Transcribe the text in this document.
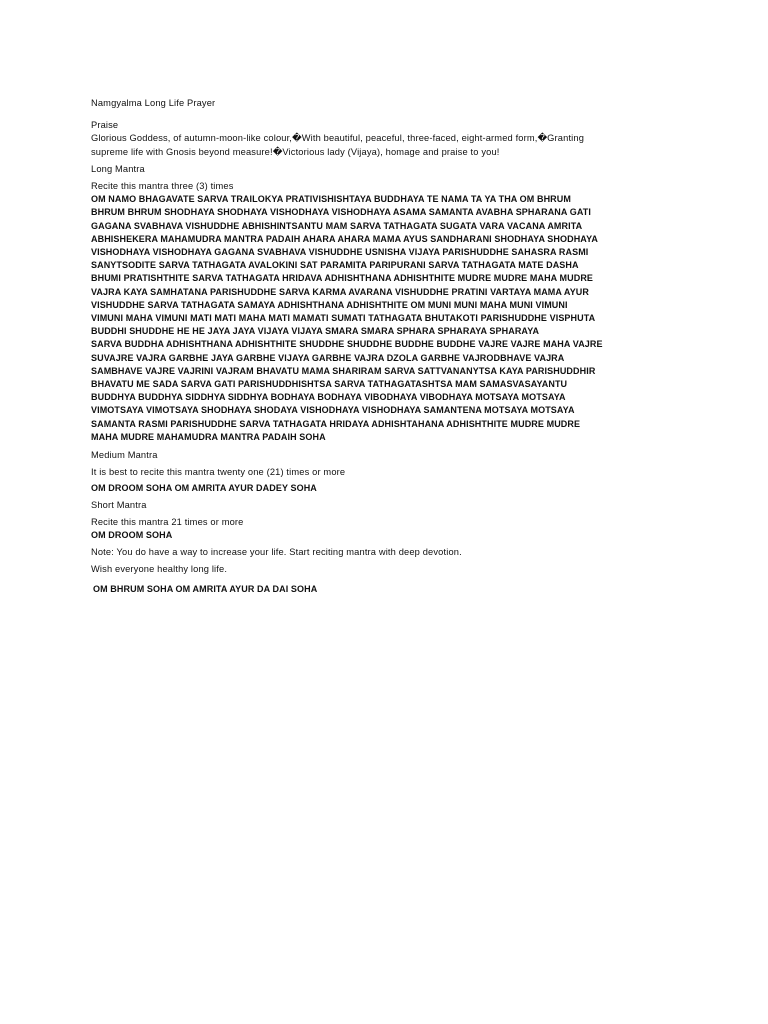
Namgyalma Long Life Prayer

Praise

Glorious Goddess, of autumn-moon-like colour,�With beautiful, peaceful, three-faced, eight-armed form,�Granting

supreme life with Gnosis beyond measure!�Victorious lady (Vijaya), homage and praise to you!

Long Mantra

Recite this mantra three (3) times

OM NAMO BHAGAVATE SARVA TRAILOKYA PRATIVISHISHTAYA BUDDHAYA TE NAMA TA YA THA OM BHRUM

BHRUM BHRUM SHODHAYA SHODHAYA VISHODHAYA VISHODHAYA ASAMA SAMANTA AVABHA SPHARANA GATI

GAGANA SVABHAVA VISHUDDHE ABHISHINTSANTU MAM SARVA TATHAGATA SUGATA VARA VACANA AMRITA

ABHISHEKERA MAHAMUDRA MANTRA PADAIH AHARA AHARA MAMA AYUS SANDHARANI SHODHAYA SHODHAYA

VISHODHAYA VISHODHAYA GAGANA SVABHAVA VISHUDDHE USNISHA VIJAYA PARISHUDDHE SAHASRA RASMI

SANYTSODITE SARVA TATHAGATA AVALOKINI SAT PARAMITA PARIPURANI SARVA TATHAGATA MATE DASHA

BHUMI PRATISHTHITE SARVA TATHAGATA HRIDAVA ADHISHTHANA ADHISHTHITE MUDRE MUDRE MAHA MUDRE

VAJRA KAYA SAMHATANA PARISHUDDHE SARVA KARMA AVARANA VISHUDDHE PRATINI VARTAYA MAMA AYUR

VISHUDDHE SARVA TATHAGATA SAMAYA ADHISHTHANA ADHISHTHITE OM MUNI MUNI MAHA MUNI VIMUNI

VIMUNI MAHA VIMUNI MATI MATI MAHA MATI MAMATI SUMATI TATHAGATA BHUTAKOTI PARISHUDDHE VISPHUTA

BUDDHI SHUDDHE HE HE JAYA JAYA VIJAYA VIJAYA SMARA SMARA SPHARA SPHARAYA SPHARAYA

SARVA BUDDHA ADHISHTHANA ADHISHTHITE SHUDDHE SHUDDHE BUDDHE BUDDHE VAJRE VAJRE MAHA VAJRE

SUVAJRE VAJRA GARBHE JAYA GARBHE VIJAYA GARBHE VAJRA DZOLA GARBHE VAJRODBHAVE VAJRA

SAMBHAVE VAJRE VAJRINI VAJRAM BHAVATU MAMA SHARIRAM SARVA SATTVANANYTSA KAYA PARISHUDDHIR

BHAVATU ME SADA SARVA GATI PARISHUDDHISHTSA SARVA TATHAGATASHTSA MAM SAMASVASAYANTU

BUDDHYA BUDDHYA SIDDHYA SIDDHYA BODHAYA BODHAYA VIBODHAYA VIBODHAYA MOTSAYA MOTSAYA

VIMOTSAYA VIMOTSAYA SHODHAYA SHODAYA VISHODHAYA VISHODHAYA SAMANTENA MOTSAYA MOTSAYA

SAMANTA RASMI PARISHUDDHE SARVA TATHAGATA HRIDAYA ADHISHTAHANA ADHISHTHITE MUDRE MUDRE

MAHA MUDRE MAHAMUDRA MANTRA PADAIH SOHA

Medium Mantra

It is best to recite this mantra twenty one (21) times or more

OM DROOM SOHA OM AMRITA AYUR DADEY SOHA

Short Mantra

Recite this mantra 21 times or more

OM DROOM SOHA

Note: You do have a way to increase your life. Start reciting mantra with deep devotion.

Wish everyone healthy long life.

OM BHRUM SOHA OM AMRITA AYUR DA DAI SOHA
